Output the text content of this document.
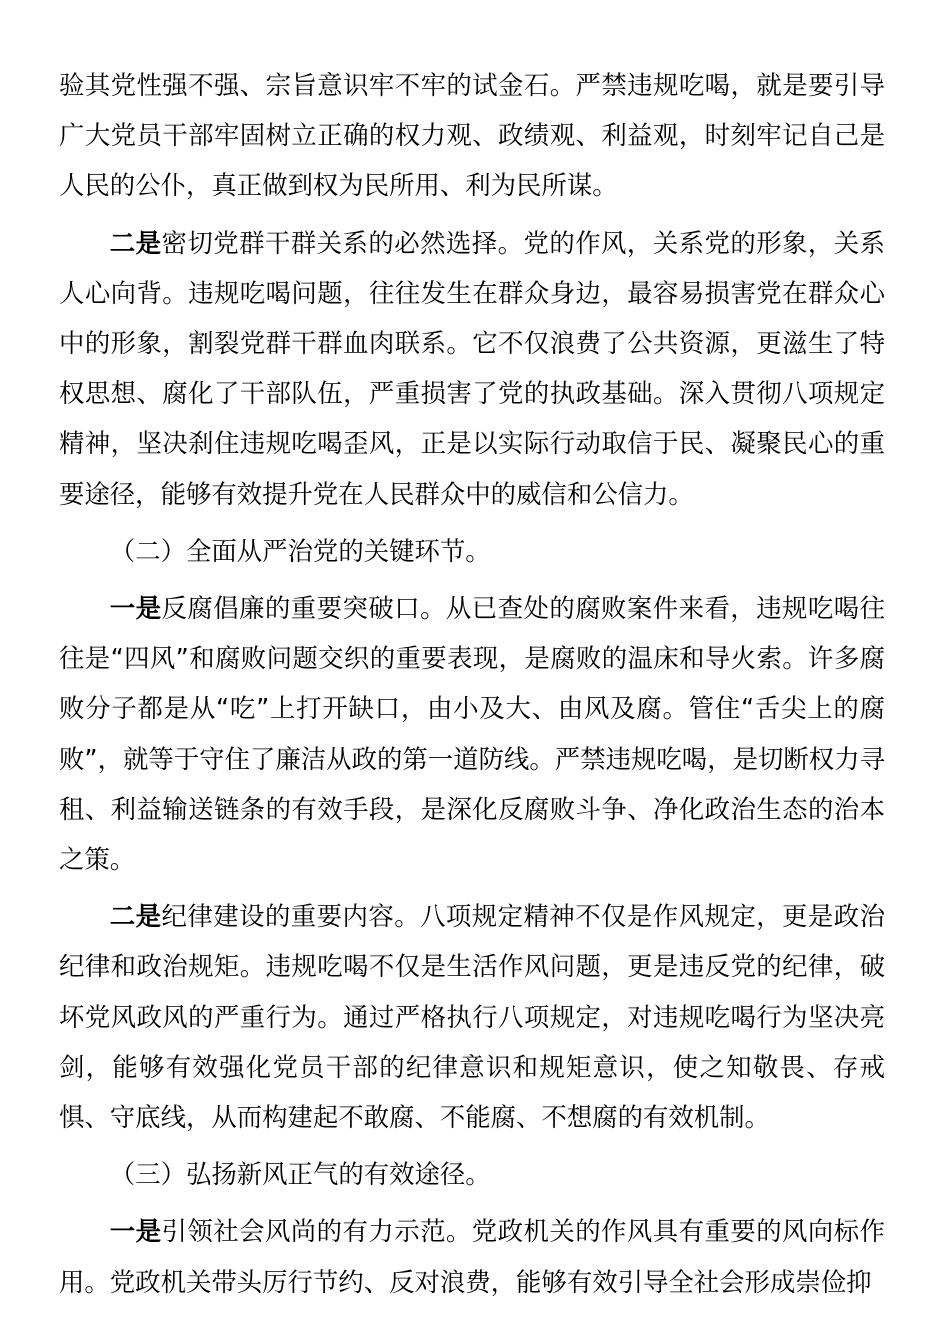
验其党性强不强、宗旨意识牢不牢的试金石。严禁违规吃喝，就是要引导广大党员干部牢固树立正确的权力观、政绩观、利益观，时刻牢记自己是人民的公仆，真正做到权为民所用、利为民所谋。

二是密切党群干群关系的必然选择。党的作风，关系党的形象，关系人心向背。违规吃喝问题，往往发生在群众身边，最容易损害党在群众心中的形象，割裂党群干群血肉联系。它不仅浪费了公共资源，更滋生了特权思想、腐化了干部队伍，严重损害了党的执政基础。深入贯彻八项规定精神，坚决刹住违规吃喝歪风，正是以实际行动取信于民、凝聚民心的重要途径，能够有效提升党在人民群众中的威信和公信力。

（二）全面从严治党的关键环节。

一是反腐倡廉的重要突破口。从已查处的腐败案件来看，违规吃喝往往是“四风”和腐败问题交织的重要表现，是腐败的温床和导火索。许多腐败分子都是从“吃”上打开缺口，由小及大、由风及腐。管住“舌尖上的腐败”，就等于守住了廉洁从政的第一道防线。严禁违规吃喝，是切断权力寻租、利益输送链条的有效手段，是深化反腐败斗争、净化政治生态的治本之策。

二是纪律建设的重要内容。八项规定精神不仅是作风规定，更是政治纪律和政治规矩。违规吃喝不仅是生活作风问题，更是违反党的纪律，破坏党风政风的严重行为。通过严格执行八项规定，对违规吃喝行为坚决亮剑，能够有效强化党员干部的纪律意识和规矩意识，使之知敬畏、存戒惧、守底线，从而构建起不敢腐、不能腐、不想腐的有效机制。

（三）弘扬新风正气的有效途径。

一是引领社会风尚的有力示范。党政机关的作风具有重要的风向标作用。党政机关带头厉行节约、反对浪费，能够有效引导全社会形成崇俭抑
